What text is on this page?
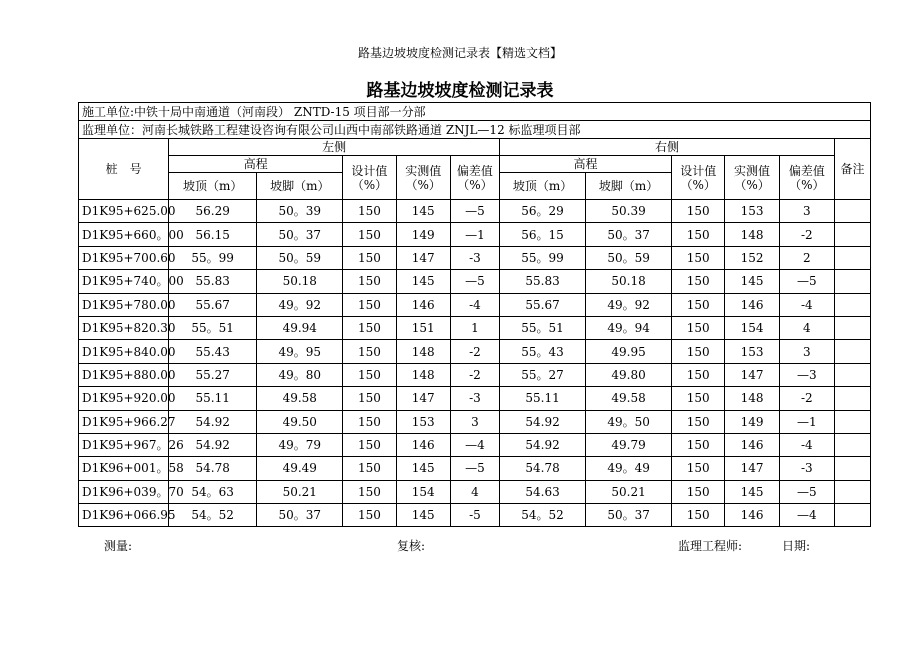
路基边坡坡度检测记录表【精选文档】
路基边坡坡度检测记录表
施工单位:中铁十局中南通道（河南段） ZNTD-15 项目部一分部											
监理单位：河南长城铁路工程建设咨询有限公司山西中南部铁路通道 ZNJL—12 标监理项目部											
桩　号	左侧					右侧					备注
	高程		设计值（%）	实测值（%）	偏差值（%）	高程		设计值（%）	实测值（%）	偏差值（%）	
	坡顶（m）	坡脚（m）				坡顶（m）	坡脚（m）				
D1K95+625.00	56.29	50。39	150	145	—5	56。29	50.39	150	153	3	
D1K95+660。00	56.15	50。37	150	149	—1	56。15	50。37	150	148	-2	
D1K95+700.60	55。99	50。59	150	147	-3	55。99	50。59	150	152	2	
D1K95+740。00	55.83	50.18	150	145	—5	55.83	50.18	150	145	—5	
D1K95+780.00	55.67	49。92	150	146	-4	55.67	49。92	150	146	-4	
D1K95+820.30	55。51	49.94	150	151	1	55。51	49。94	150	154	4	
D1K95+840.00	55.43	49。95	150	148	-2	55。43	49.95	150	153	3	
D1K95+880.00	55.27	49。80	150	148	-2	55。27	49.80	150	147	—3	
D1K95+920.00	55.11	49.58	150	147	-3	55.11	49.58	150	148	-2	
D1K95+966.27	54.92	49.50	150	153	3	54.92	49。50	150	149	—1	
D1K95+967。26	54.92	49。79	150	146	—4	54.92	49.79	150	146	-4	
D1K96+001。58	54.78	49.49	150	145	—5	54.78	49。49	150	147	-3	
D1K96+039。70	54。63	50.21	150	154	4	54.63	50.21	150	145	—5	
D1K96+066.95	54。52	50。37	150	145	-5	54。52	50。37	150	146	—4	
测量:	复核:	监理工程师:	日期:
